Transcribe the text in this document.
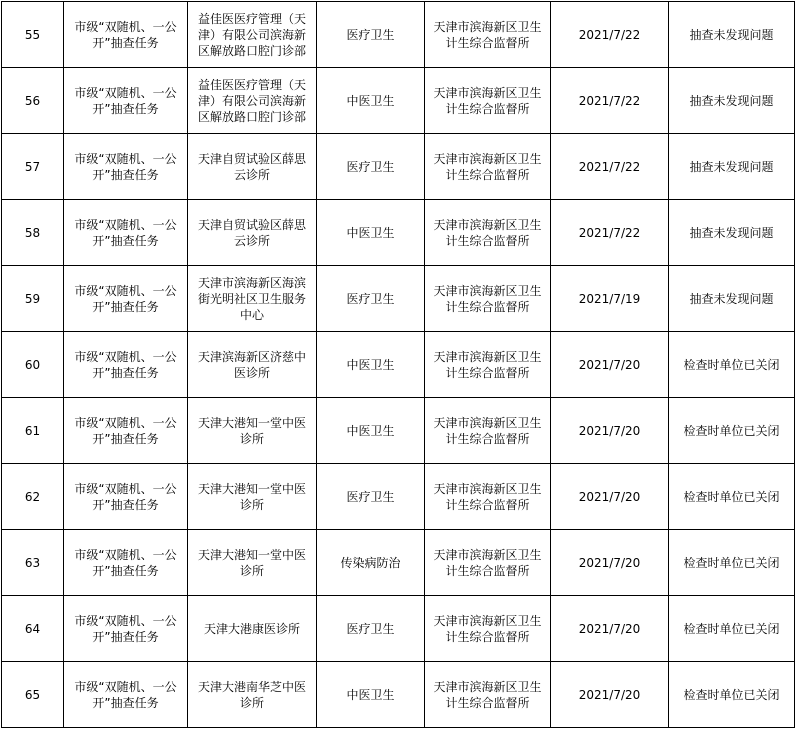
55	市级“双随机、一公开”抽查任务	益佳医医疗管理（天津）有限公司滨海新区解放路口腔门诊部	医疗卫生	天津市滨海新区卫生计生综合监督所	2021/7/22	抽查未发现问题
56	市级“双随机、一公开”抽查任务	益佳医医疗管理（天津）有限公司滨海新区解放路口腔门诊部	中医卫生	天津市滨海新区卫生计生综合监督所	2021/7/22	抽查未发现问题
57	市级“双随机、一公开”抽查任务	天津自贸试验区薛思云诊所	医疗卫生	天津市滨海新区卫生计生综合监督所	2021/7/22	抽查未发现问题
58	市级“双随机、一公开”抽查任务	天津自贸试验区薛思云诊所	中医卫生	天津市滨海新区卫生计生综合监督所	2021/7/22	抽查未发现问题
59	市级“双随机、一公开”抽查任务	天津市滨海新区海滨街光明社区卫生服务中心	医疗卫生	天津市滨海新区卫生计生综合监督所	2021/7/19	抽查未发现问题
60	市级“双随机、一公开”抽查任务	天津滨海新区济慈中医诊所	中医卫生	天津市滨海新区卫生计生综合监督所	2021/7/20	检查时单位已关闭
61	市级“双随机、一公开”抽查任务	天津大港知一堂中医诊所	中医卫生	天津市滨海新区卫生计生综合监督所	2021/7/20	检查时单位已关闭
62	市级“双随机、一公开”抽查任务	天津大港知一堂中医诊所	医疗卫生	天津市滨海新区卫生计生综合监督所	2021/7/20	检查时单位已关闭
63	市级“双随机、一公开”抽查任务	天津大港知一堂中医诊所	传染病防治	天津市滨海新区卫生计生综合监督所	2021/7/20	检查时单位已关闭
64	市级“双随机、一公开”抽查任务	天津大港康医诊所	医疗卫生	天津市滨海新区卫生计生综合监督所	2021/7/20	检查时单位已关闭
65	市级“双随机、一公开”抽查任务	天津大港南华芝中医诊所	中医卫生	天津市滨海新区卫生计生综合监督所	2021/7/20	检查时单位已关闭
